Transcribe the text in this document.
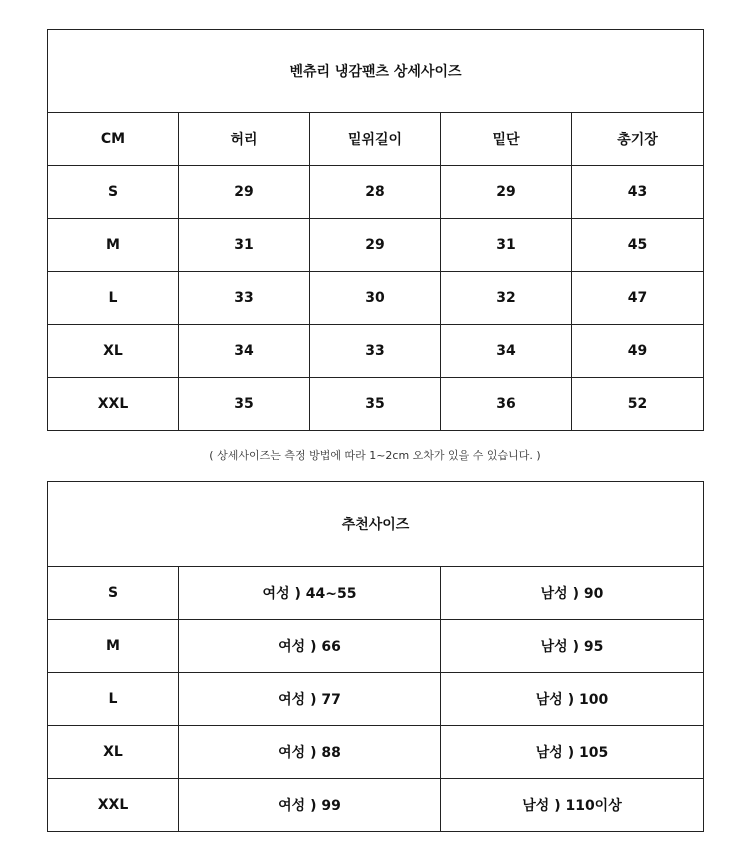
벤츄리 냉감팬츠 상세사이즈				
CM	허리	밑위길이	밑단	총기장
S	29	28	29	43
M	31	29	31	45
L	33	30	32	47
XL	34	33	34	49
XXL	35	35	36	52
( 상세사이즈는 측정 방법에 따라 1~2cm 오차가 있을 수 있습니다. )
추천사이즈		
S	여성 ) 44~55	남성 ) 90
M	여성 ) 66	남성 ) 95
L	여성 ) 77	남성 ) 100
XL	여성 ) 88	남성 ) 105
XXL	여성 ) 99	남성 ) 110이상
